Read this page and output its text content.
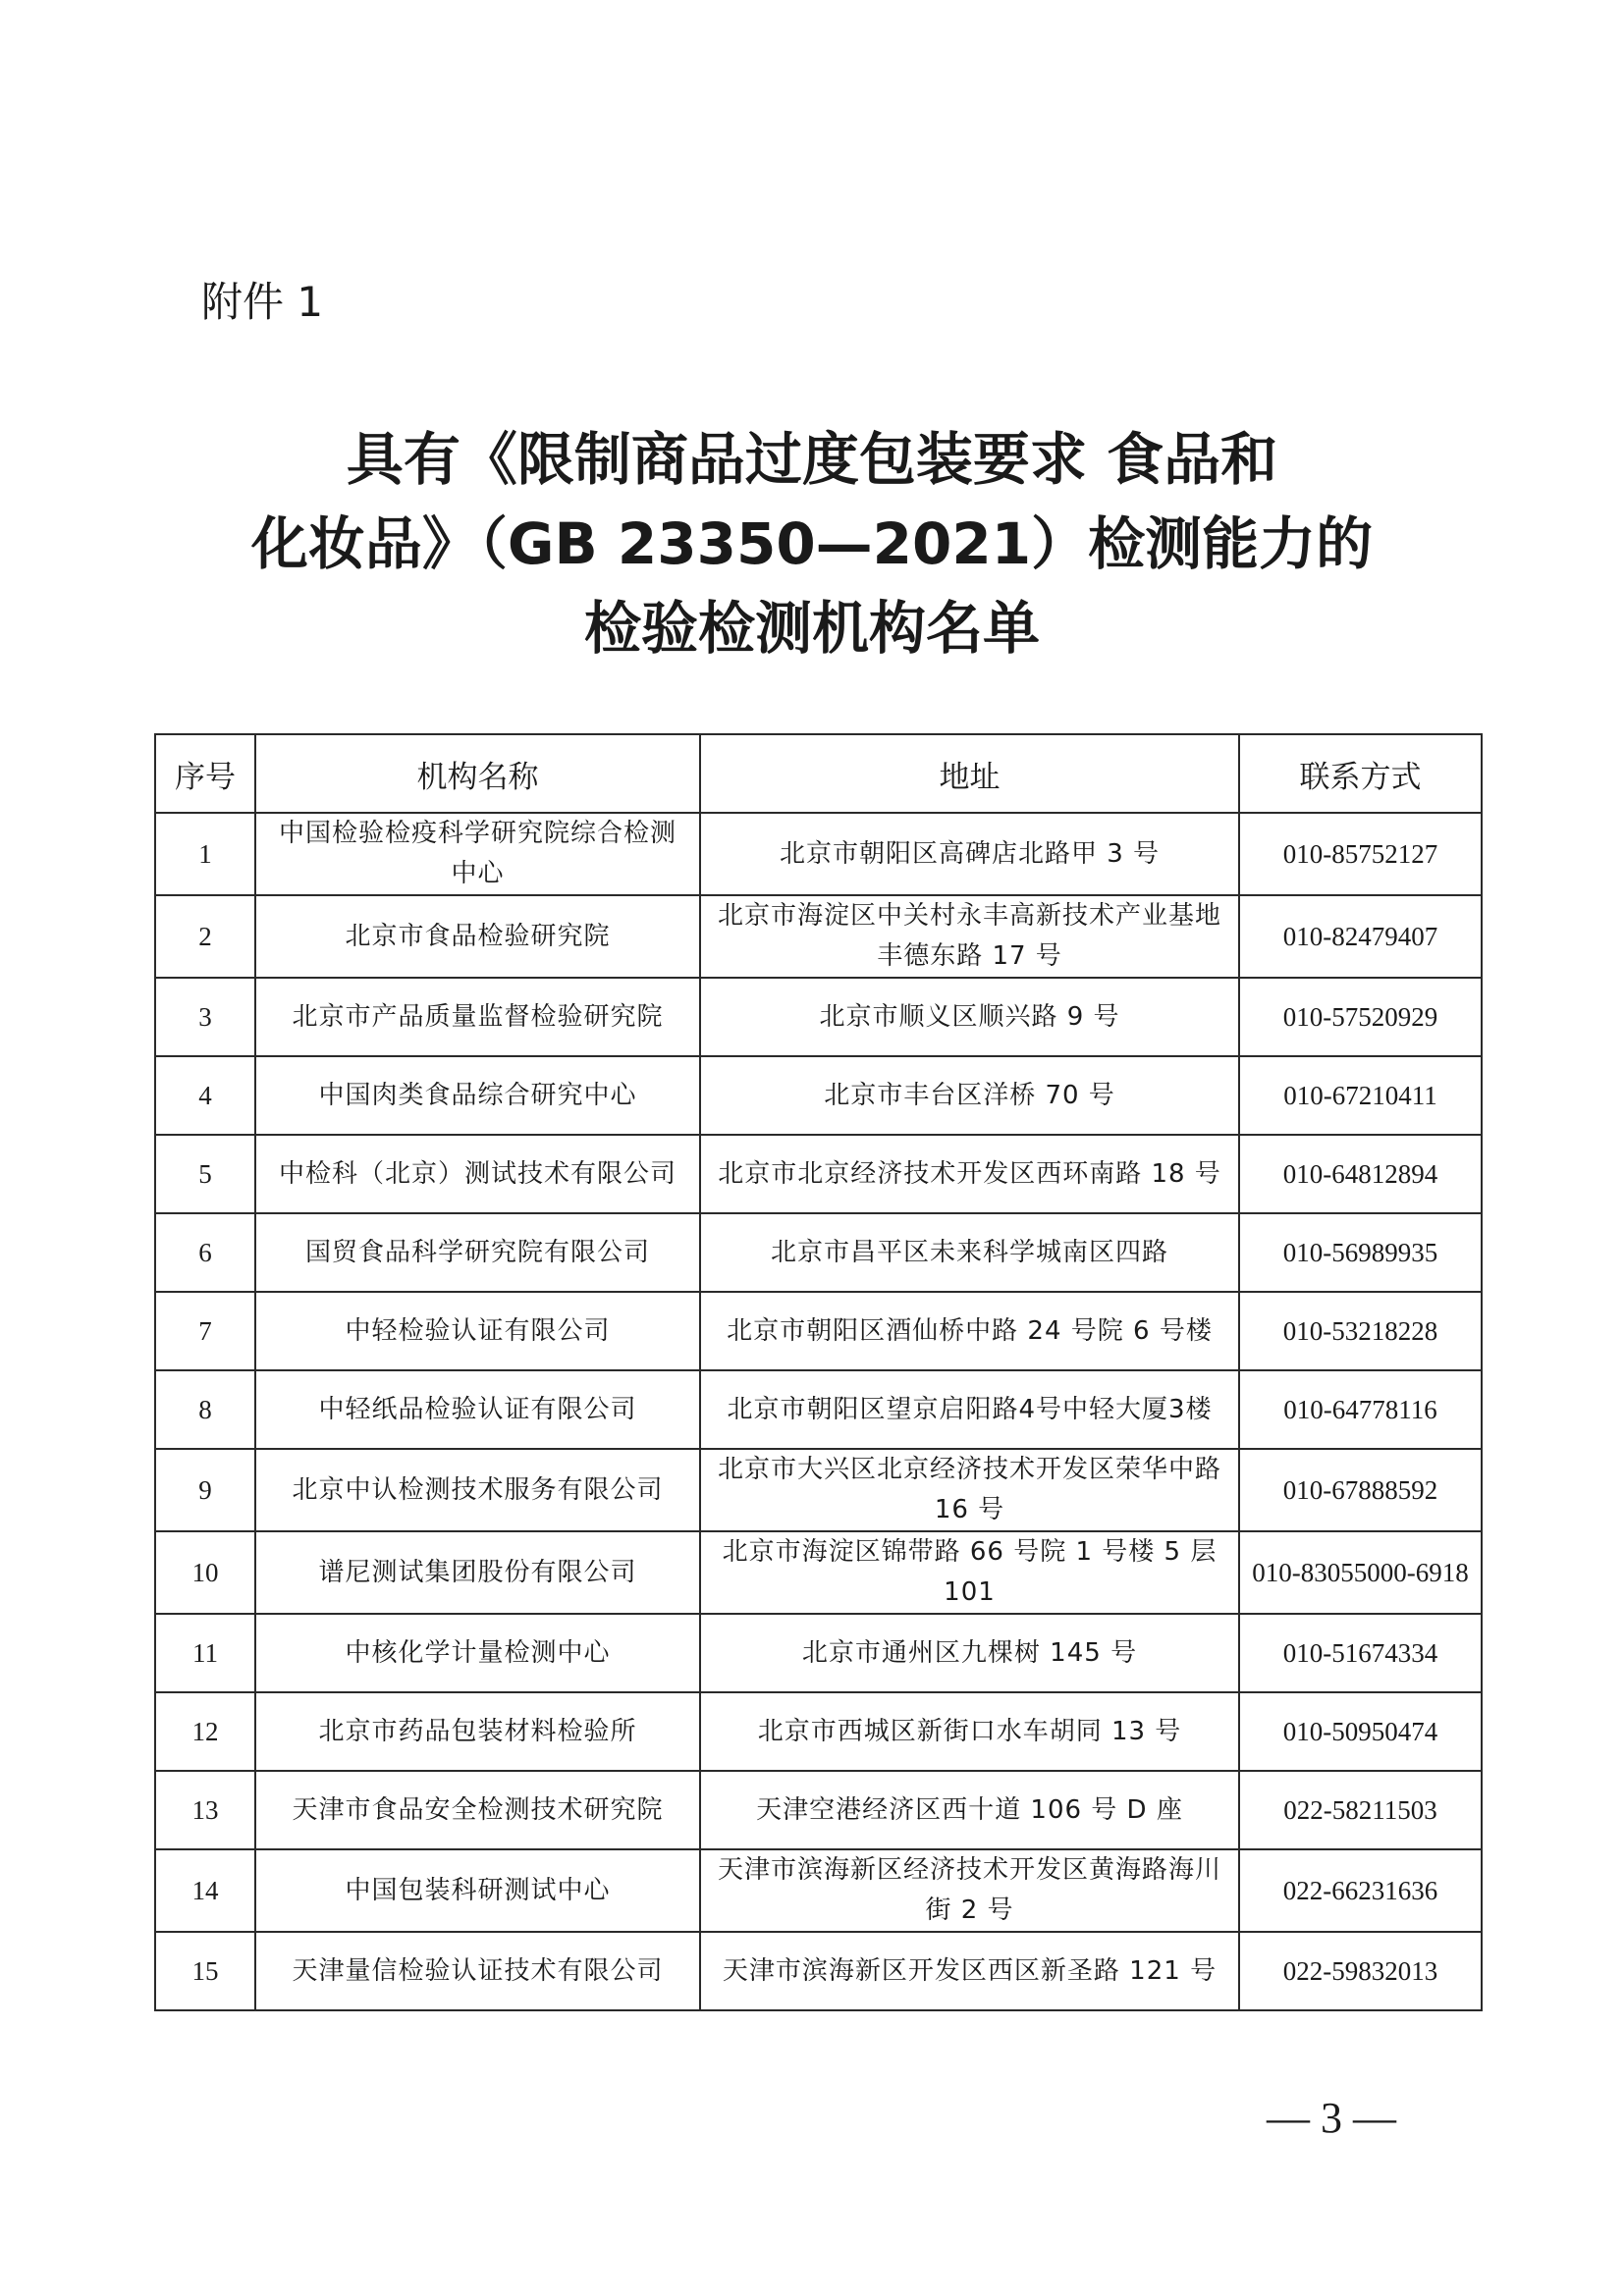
附件 1
具有《限制商品过度包装要求 食品和
化妆品》（GB 23350—2021）检测能力的
检验检测机构名单
序号	机构名称	地址	联系方式
1	中国检验检疫科学研究院综合检测中心	北京市朝阳区高碑店北路甲 3 号	010-85752127
2	北京市食品检验研究院	北京市海淀区中关村永丰高新技术产业基地丰德东路 17 号	010-82479407
3	北京市产品质量监督检验研究院	北京市顺义区顺兴路 9 号	010-57520929
4	中国肉类食品综合研究中心	北京市丰台区洋桥 70 号	010-67210411
5	中检科（北京）测试技术有限公司	北京市北京经济技术开发区西环南路 18 号	010-64812894
6	国贸食品科学研究院有限公司	北京市昌平区未来科学城南区四路	010-56989935
7	中轻检验认证有限公司	北京市朝阳区酒仙桥中路 24 号院 6 号楼	010-53218228
8	中轻纸品检验认证有限公司	北京市朝阳区望京启阳路4号中轻大厦3楼	010-64778116
9	北京中认检测技术服务有限公司	北京市大兴区北京经济技术开发区荣华中路 16 号	010-67888592
10	谱尼测试集团股份有限公司	北京市海淀区锦带路 66 号院 1 号楼 5 层 101	010-83055000-6918
11	中核化学计量检测中心	北京市通州区九棵树 145 号	010-51674334
12	北京市药品包装材料检验所	北京市西城区新街口水车胡同 13 号	010-50950474
13	天津市食品安全检测技术研究院	天津空港经济区西十道 106 号 D 座	022-58211503
14	中国包装科研测试中心	天津市滨海新区经济技术开发区黄海路海川街 2 号	022-66231636
15	天津量信检验认证技术有限公司	天津市滨海新区开发区西区新圣路 121 号	022-59832013
— 3 —
